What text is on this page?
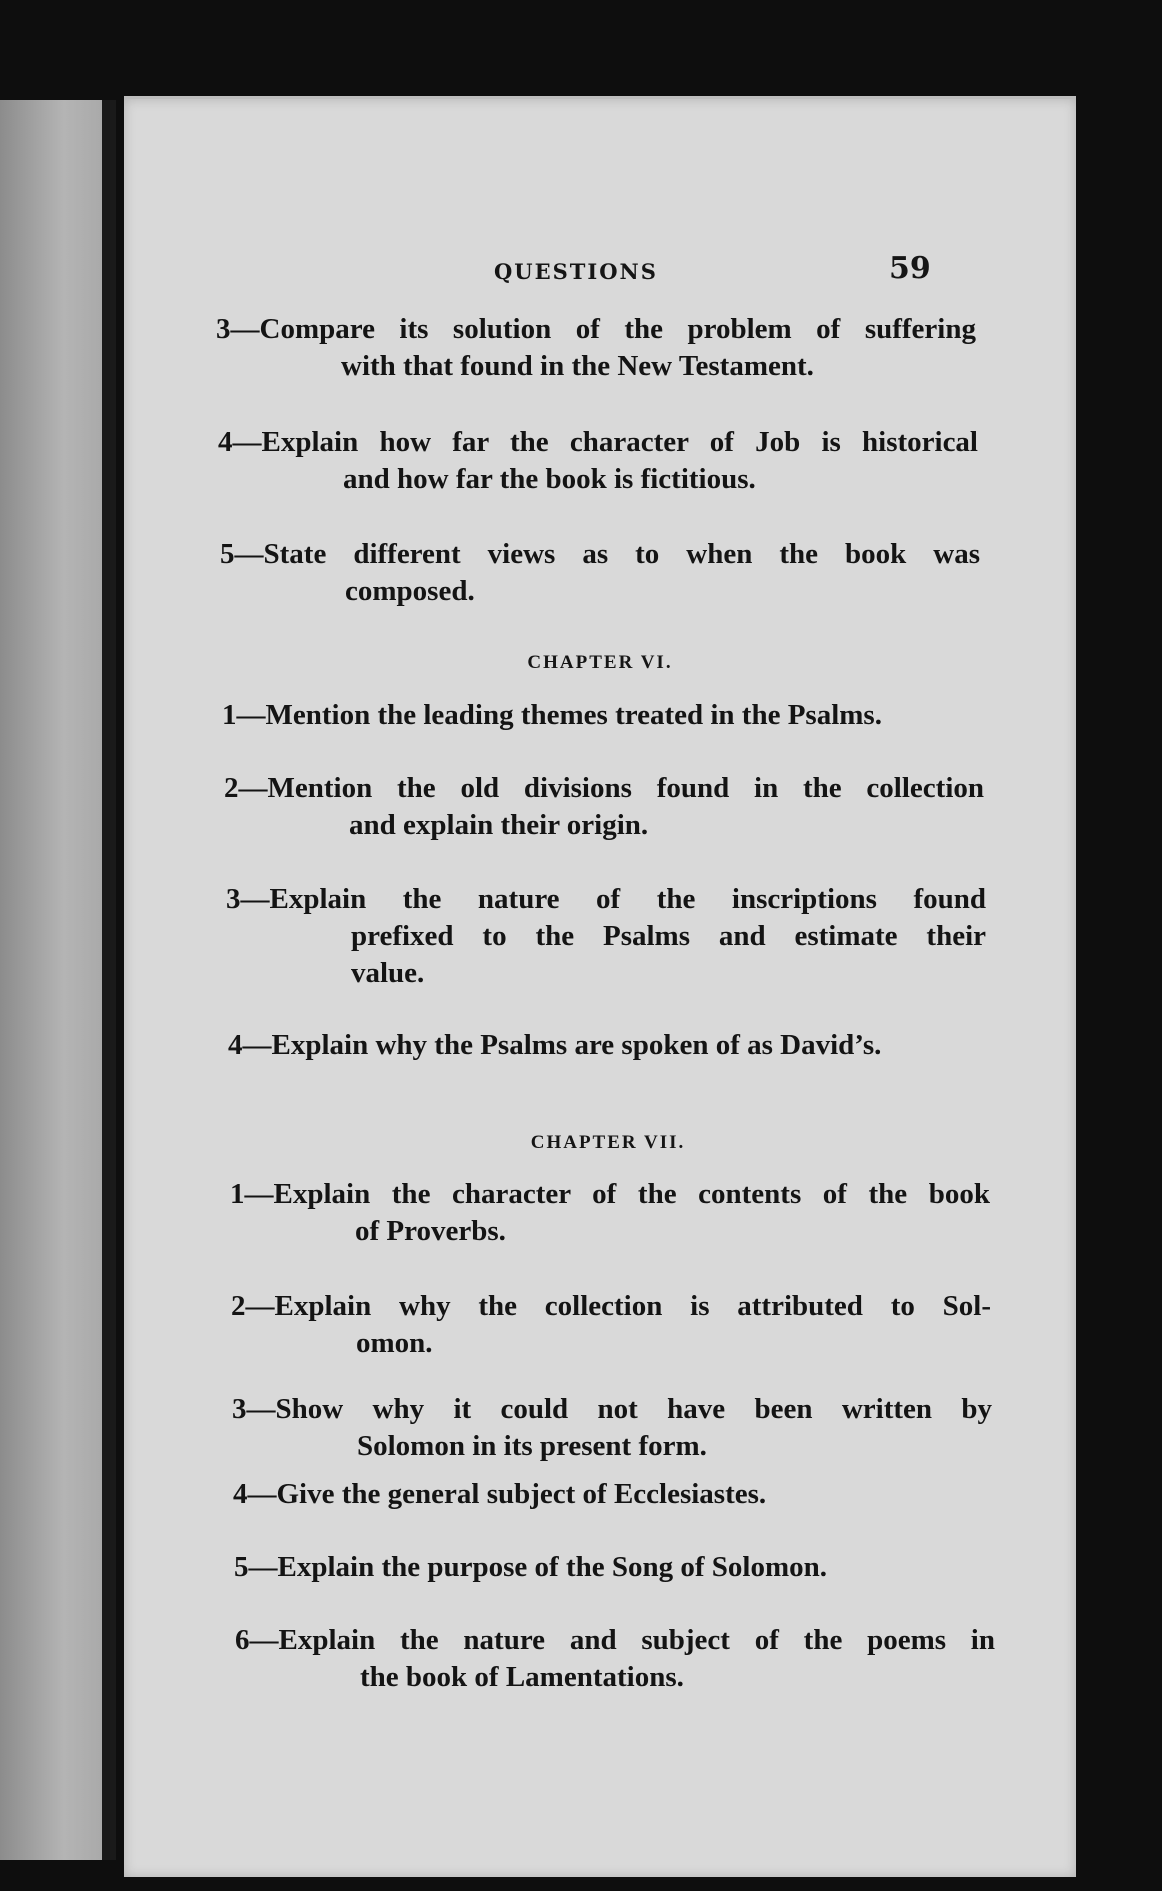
QUESTIONS	59
3—Compare its solution of the problem of suffering
with that found in the New Testament.
4—Explain how far the character of Job is historical
and how far the book is fictitious.
5—State different views as to when the book was
composed.
CHAPTER VI.
1—Mention the leading themes treated in the Psalms.
2—Mention the old divisions found in the collection
and explain their origin.
3—Explain the nature of the inscriptions found
prefixed to the Psalms and estimate their
value.
4—Explain why the Psalms are spoken of as David’s.
CHAPTER VII.
1—Explain the character of the contents of the book
of Proverbs.
2—Explain why the collection is attributed to Sol-
omon.
3—Show why it could not have been written by
Solomon in its present form.
4—Give the general subject of Ecclesiastes.
5—Explain the purpose of the Song of Solomon.
6—Explain the nature and subject of the poems in
the book of Lamentations.
